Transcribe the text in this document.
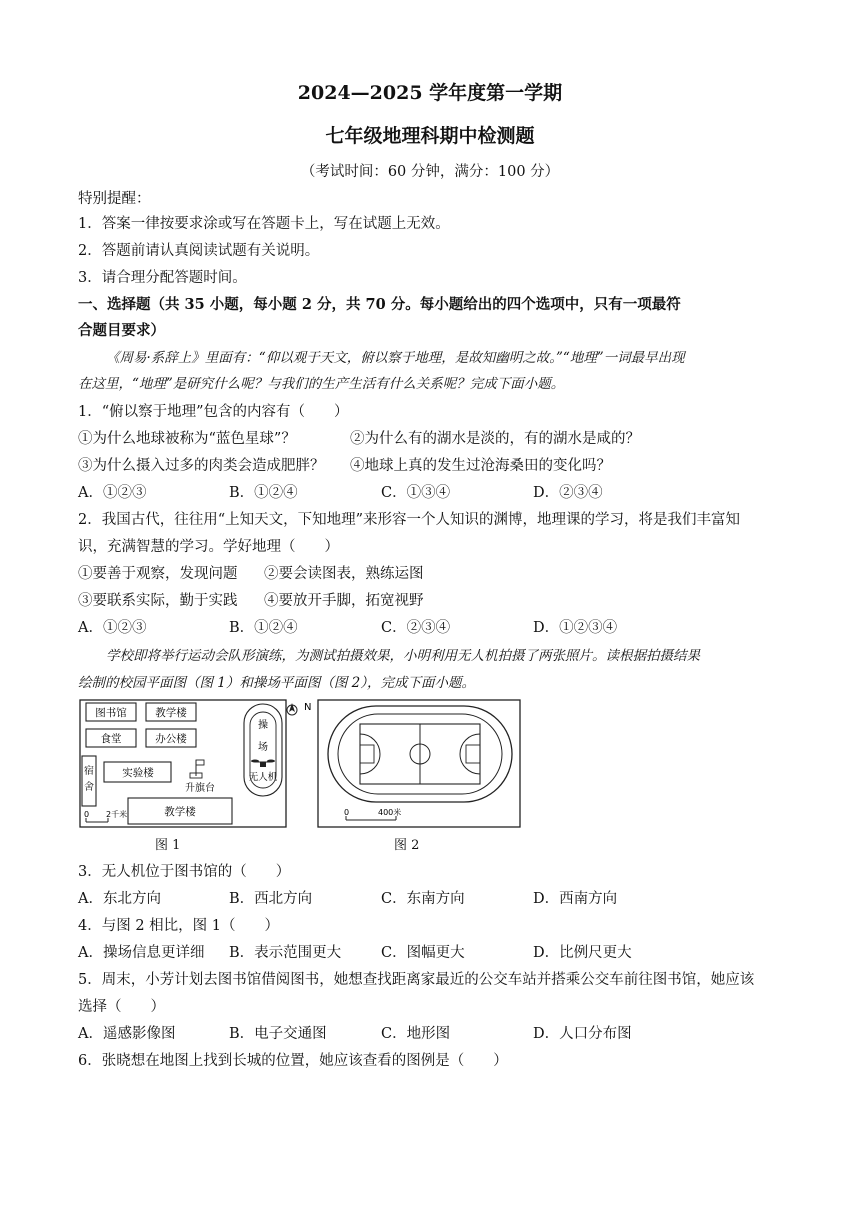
2024—2025 学年度第一学期
七年级地理科期中检测题
（考试时间：60 分钟，满分：100 分）
特别提醒：
1．答案一律按要求涂或写在答题卡上，写在试题上无效。
2．答题前请认真阅读试题有关说明。
3．请合理分配答题时间。
一、选择题（共 35 小题，每小题 2 分，共 70 分。每小题给出的四个选项中，只有一项最符
合题目要求）
《周易·系辞上》里面有：“仰以观于天文，俯以察于地理，是故知幽明之故。”“地理”一词最早出现
在这里，“地理”是研究什么呢？与我们的生产生活有什么关系呢？完成下面小题。
1．“俯以察于地理”包含的内容有（　　）
①为什么地球被称为“蓝色星球”？	②为什么有的湖水是淡的，有的湖水是咸的？
③为什么摄入过多的肉类会造成肥胖？ ④地球上真的发生过沧海桑田的变化吗？
A．①②③	B．①②④	C．①③④	D．②③④
2．我国古代，往往用“上知天文，下知地理”来形容一个人知识的渊博，地理课的学习，将是我们丰富知
识，充满智慧的学习。学好地理（　　）
①要善于观察，发现问题 ②要会读图表，熟练运图
③要联系实际，勤于实践 ④要放开手脚，拓宽视野
A．①②③	B．①②④	C．②③④	D．①②③④
学校即将举行运动会队形演练，为测试拍摄效果，小明利用无人机拍摄了两张照片。读根据拍摄结果
绘制的校园平面图（图 1）和操场平面图（图 2），完成下面小题。
图书馆	教学楼
食堂	办公楼
宿
舍
实验楼
升旗台
教学楼
操
场
无人机
N
0 2千米
图 1
0	400米
图 2
3．无人机位于图书馆的（　　）
A．东北方向	B．西北方向	C．东南方向	D．西南方向
4．与图 2 相比，图 1（　　）
A．操场信息更详细 B．表示范围更大	C．图幅更大	D．比例尺更大
5．周末，小芳计划去图书馆借阅图书，她想查找距离家最近的公交车站并搭乘公交车前往图书馆，她应该
选择（　　）
A．遥感影像图	B．电子交通图	C．地形图	D．人口分布图
6．张晓想在地图上找到长城的位置，她应该查看的图例是（　　）
